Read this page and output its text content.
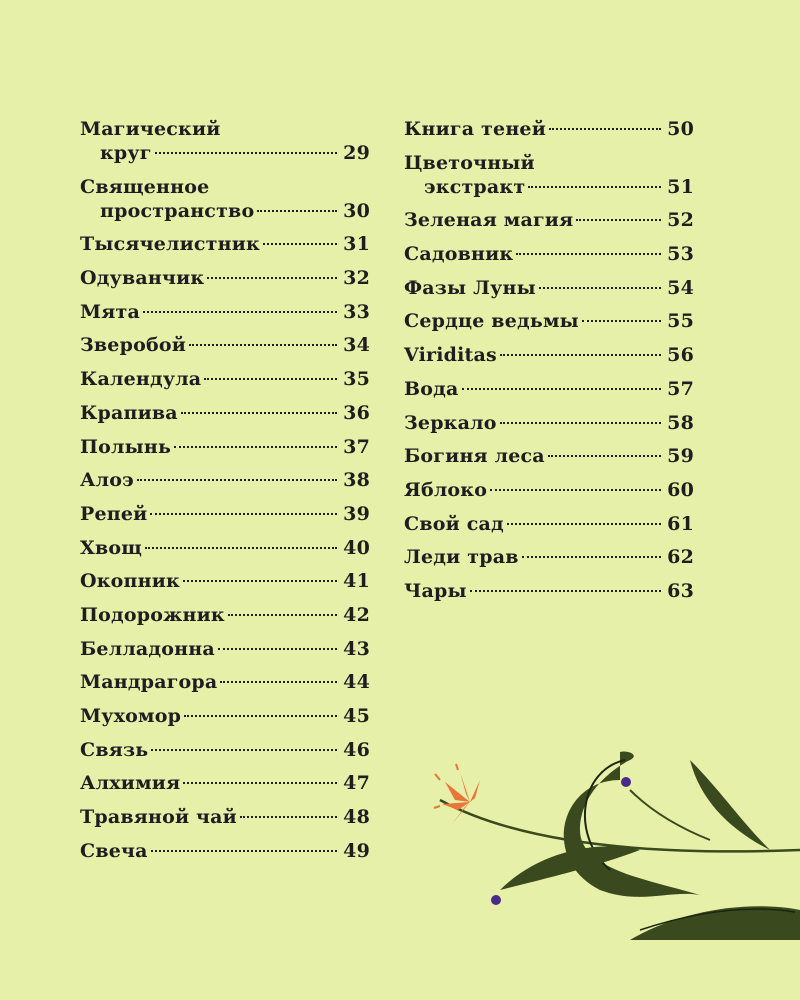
Магический
круг	29
Священное
пространство	30
Тысячелистник	31
Одуванчик	32
Мята	33
Зверобой	34
Календула	35
Крапива	36
Полынь	37
Алоэ	38
Репей	39
Хвощ	40
Окопник	41
Подорожник	42
Белладонна	43
Мандрагора	44
Мухомор	45
Связь	46
Алхимия	47
Травяной чай	48
Свеча	49
Книга теней	50
Цветочный
экстракт	51
Зеленая магия	52
Садовник	53
Фазы Луны	54
Сердце ведьмы	55
Viriditas	56
Вода	57
Зеркало	58
Богиня леса	59
Яблоко	60
Свой сад	61
Леди трав	62
Чары	63
